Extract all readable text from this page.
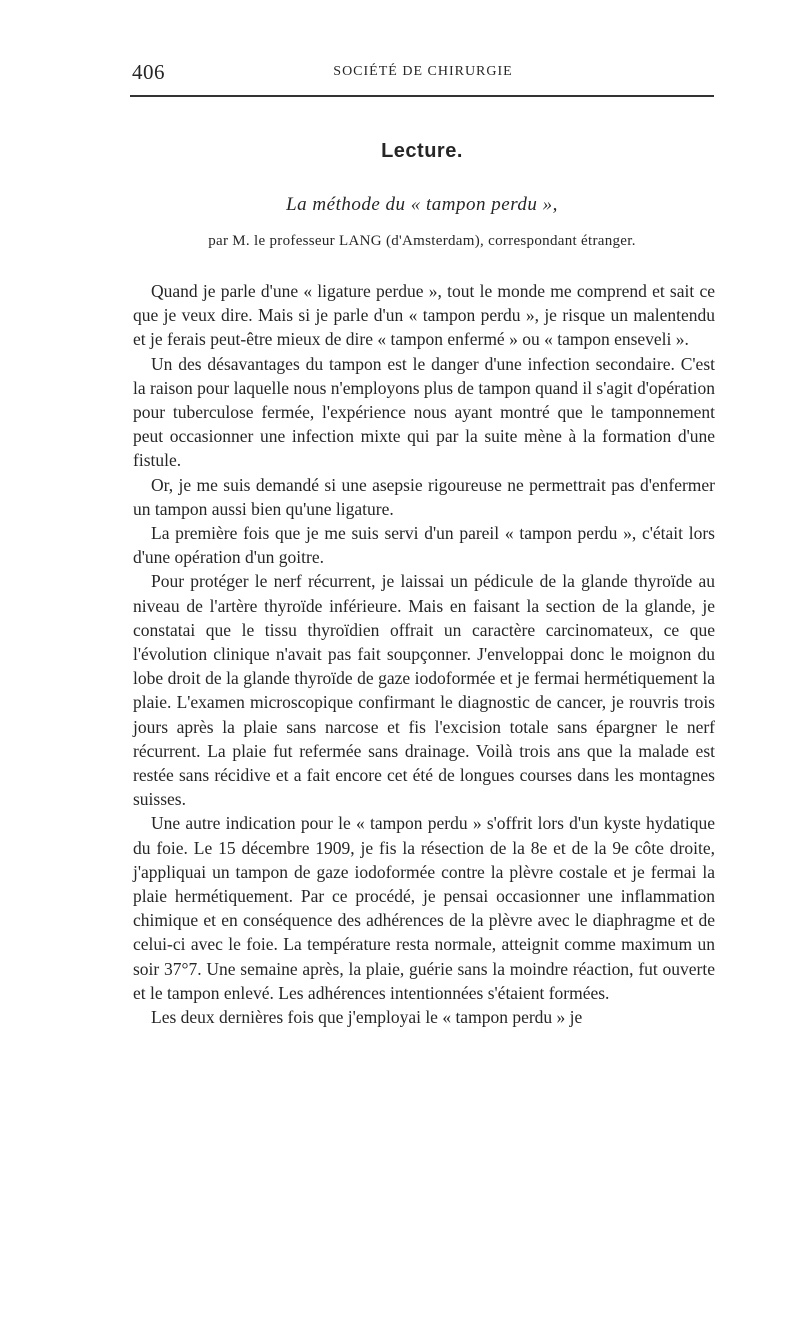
406	SOCIÉTÉ DE CHIRURGIE
Lecture.
La méthode du « tampon perdu »,
par M. le professeur LANG (d'Amsterdam), correspondant étranger.

Quand je parle d'une « ligature perdue », tout le monde me comprend et sait ce que je veux dire. Mais si je parle d'un « tampon perdu », je risque un malentendu et je ferais peut-être mieux de dire « tampon enfermé » ou « tampon enseveli ».

Un des désavantages du tampon est le danger d'une infection secondaire. C'est la raison pour laquelle nous n'employons plus de tampon quand il s'agit d'opération pour tuberculose fermée, l'expérience nous ayant montré que le tamponnement peut occasionner une infection mixte qui par la suite mène à la formation d'une fistule.

Or, je me suis demandé si une asepsie rigoureuse ne permettrait pas d'enfermer un tampon aussi bien qu'une ligature.

La première fois que je me suis servi d'un pareil « tampon perdu », c'était lors d'une opération d'un goitre.

Pour protéger le nerf récurrent, je laissai un pédicule de la glande thyroïde au niveau de l'artère thyroïde inférieure. Mais en faisant la section de la glande, je constatai que le tissu thyroïdien offrait un caractère carcinomateux, ce que l'évolution clinique n'avait pas fait soupçonner. J'enveloppai donc le moignon du lobe droit de la glande thyroïde de gaze iodoformée et je fermai hermétiquement la plaie. L'examen microscopique confirmant le diagnostic de cancer, je rouvris trois jours après la plaie sans narcose et fis l'excision totale sans épargner le nerf récurrent. La plaie fut refermée sans drainage. Voilà trois ans que la malade est restée sans récidive et a fait encore cet été de longues courses dans les montagnes suisses.

Une autre indication pour le « tampon perdu » s'offrit lors d'un kyste hydatique du foie. Le 15 décembre 1909, je fis la résection de la 8e et de la 9e côte droite, j'appliquai un tampon de gaze iodoformée contre la plèvre costale et je fermai la plaie hermétiquement. Par ce procédé, je pensai occasionner une inflammation chimique et en conséquence des adhérences de la plèvre avec le diaphragme et de celui-ci avec le foie. La température resta normale, atteignit comme maximum un soir 37°7. Une semaine après, la plaie, guérie sans la moindre réaction, fut ouverte et le tampon enlevé. Les adhérences intentionnées s'étaient formées.

Les deux dernières fois que j'employai le « tampon perdu » je
